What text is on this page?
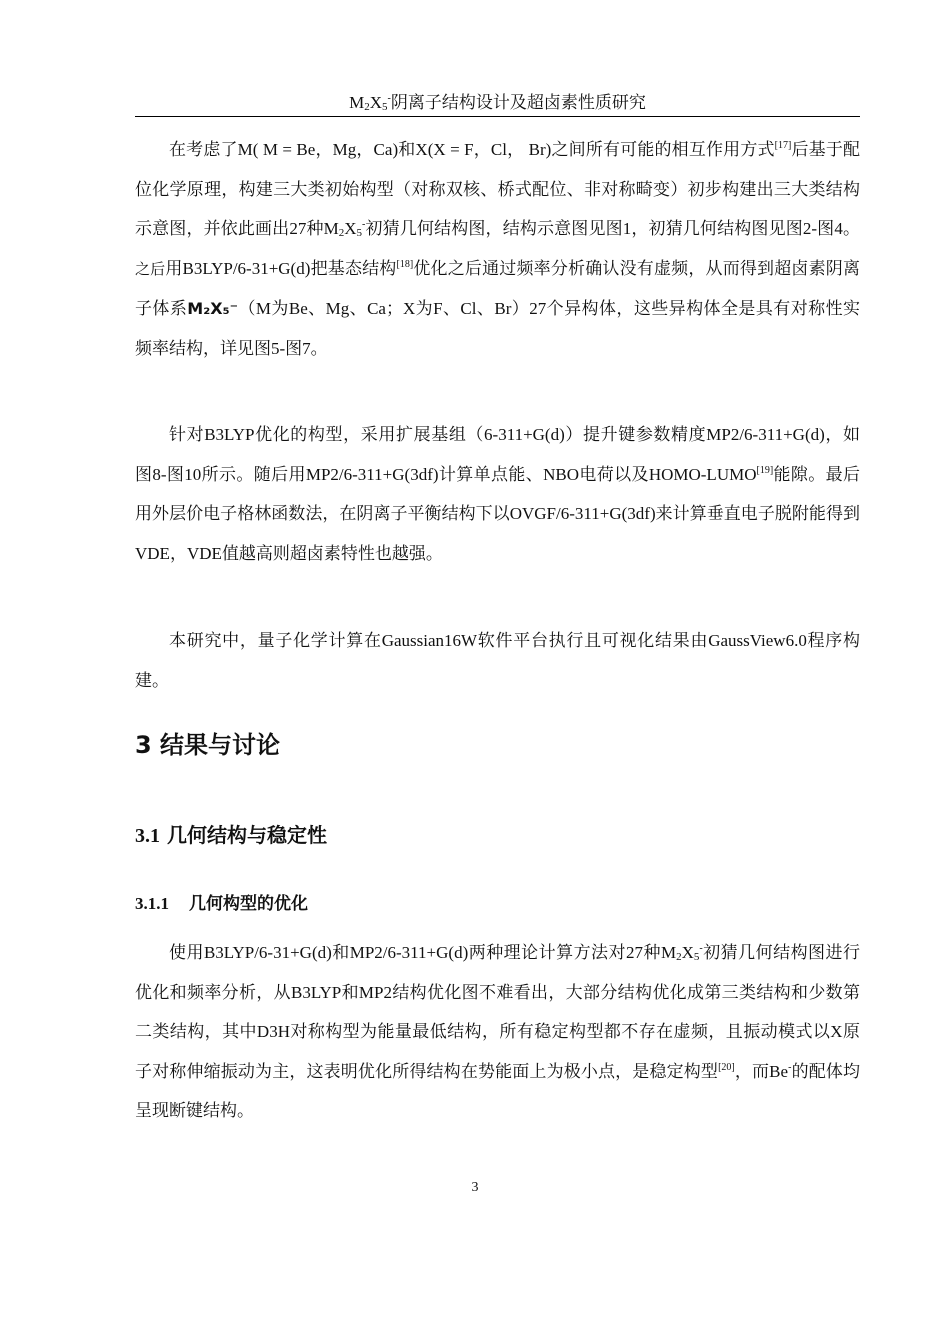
$M_2X_5^-$阴离子结构设计及超卤素性质研究

在考虑了M( M = Be，Mg，Ca)和X(X = F，Cl， Br)之间所有可能的相互作用方式[17]后基于配位化学原理，构建三大类初始构型（对称双核、桥式配位、非对称畸变）初步构建出三大类结构示意图，并依此画出27种$M_2X_5^-$初猜几何结构图，结构示意图见图1，初猜几何结构图见图2-图4。之后用B3LYP/6-31+G(d)把基态结构[18]优化之后通过频率分析确认没有虚频，从而得到超卤素阴离子体系M₂X₅⁻（M为Be、Mg、Ca；X为F、Cl、Br）27个异构体，这些异构体全是具有对称性实频率结构，详见图5-图7。

针对B3LYP优化的构型，采用扩展基组（6-311+G(d)）提升键参数精度MP2/6-311+G(d)，如图8-图10所示。随后用MP2/6-311+G(3df)计算单点能、NBO电荷以及HOMO-LUMO[19]能隙。最后用外层价电子格林函数法，在阴离子平衡结构下以OVGF/6-311+G(3df)来计算垂直电子脱附能得到VDE，VDE值越高则超卤素特性也越强。

本研究中，量子化学计算在Gaussian16W软件平台执行且可视化结果由GaussView6.0程序构建。

3 结果与讨论
3.1 几何结构与稳定性
3.1.1 几何构型的优化

使用B3LYP/6-31+G(d)和MP2/6-311+G(d)两种理论计算方法对27种$M_2X_5^-$初猜几何结构图进行优化和频率分析，从B3LYP和MP2结构优化图不难看出，大部分结构优化成第三类结构和少数第二类结构，其中D3H对称构型为能量最低结构，所有稳定构型都不存在虚频，且振动模式以X原子对称伸缩振动为主，这表明优化所得结构在势能面上为极小点，是稳定构型[20]，而Be-的配体均呈现断键结构。

3
